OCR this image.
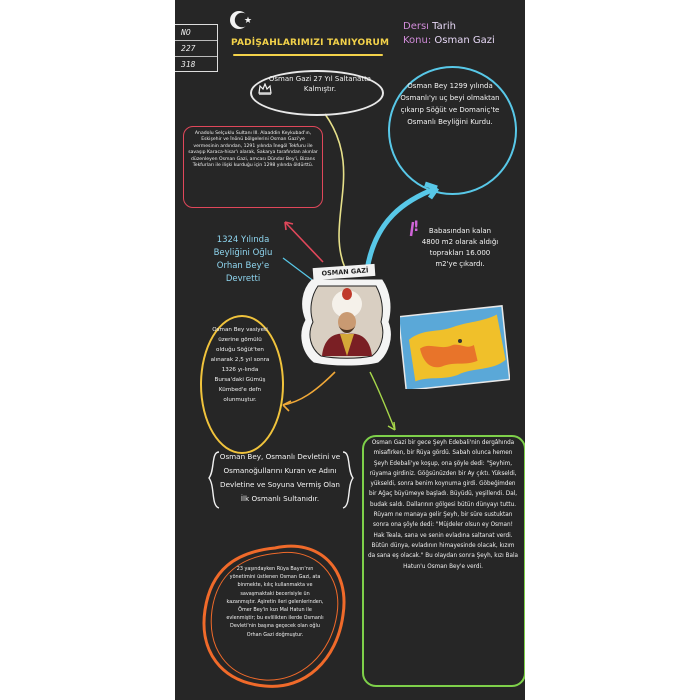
NO
227
318
PADİŞAHLARIMIZI TANIYORUM
Dersı Tarih
Konu: Osman Gazi
Osman Gazi 27 Yıl Saltanatta Kalmıştır.
Anadolu Selçuklu Sultanı III. Alaaddin Keykubad'ın, Eskişehir ve İnönü bölgelerini Osman Gazi'ye vermesinin ardından, 1291 yılında İnegöl Tekfuru ile savaşıp Karaca-hisar'ı alarak, Sakarya tarafından akınlar düzenleyen Osman Gazi, amcası Dündar Bey'i, Bizans Tekfurları ile ilişki kurduğu için 1298 yılında öldürttü.
Osman Bey 1299 yılında Osmanlı'yı uç beyi olmaktan çıkarıp Söğüt ve Domaniç'te Osmanlı Beyliğini Kurdu.
1324 Yılında Beyliğini Oğlu Orhan Bey'e Devretti
!	Babasından kalan 4800 m2 olarak aldığı toprakları 16.000 m2'ye çıkardı.
OSMAN GAZİ
Osman Bey vasiyeti üzerine gömülü olduğu Söğüt'ten alınarak 2,5 yıl sonra 1326 yı-lında Bursa'daki Gümüş Kümbed'e defn olunmuştur.
Osman Bey, Osmanlı Devletini ve Osmanoğullarını Kuran ve Adını Devletine ve Soyuna Vermiş Olan İlk Osmanlı Sultanıdır.
Osman Gazi bir gece Şeyh Edebali'nin dergâhında misafirken, bir Rüya gördü. Sabah olunca hemen Şeyh Edebali'ye koşup, ona şöyle dedi: "Şeyhim, rüyama girdiniz. Göğsünüzden bir Ay çıktı. Yükseldi, yükseldi, sonra benim koynuma girdi. Göbeğimden bir Ağaç büyümeye başladı. Büyüdü, yeşillendi. Dal, budak saldı. Dallarının gölgesi bütün dünyayı tuttu. Rüyam ne manaya gelir Şeyh, bir süre sustuktan sonra ona şöyle dedi: "Müjdeler olsun ey Osman! Hak Teala, sana ve senin evladına saltanat verdi. Bütün dünya, evladının himayesinde olacak, kızım da sana eş olacak." Bu olaydan sonra Şeyh, kızı Bala Hatun'u Osman Bey'e verdi.
23 yaşındayken Rüya Bayırı'nın yönetimini üstlenen Osman Gazi, ata binmekte, kılıç kullanmakta ve savaşmaktaki becerisiyle ün kazanmıştır. Aşiretin ileri gelenlerinden, Ömer Bey'in kızı Mal Hatun ile evlenmiştir; bu evlilikten ilerde Osmanlı Devleti'nin başına geçecek olan oğlu Orhan Gazi doğmuştur.
